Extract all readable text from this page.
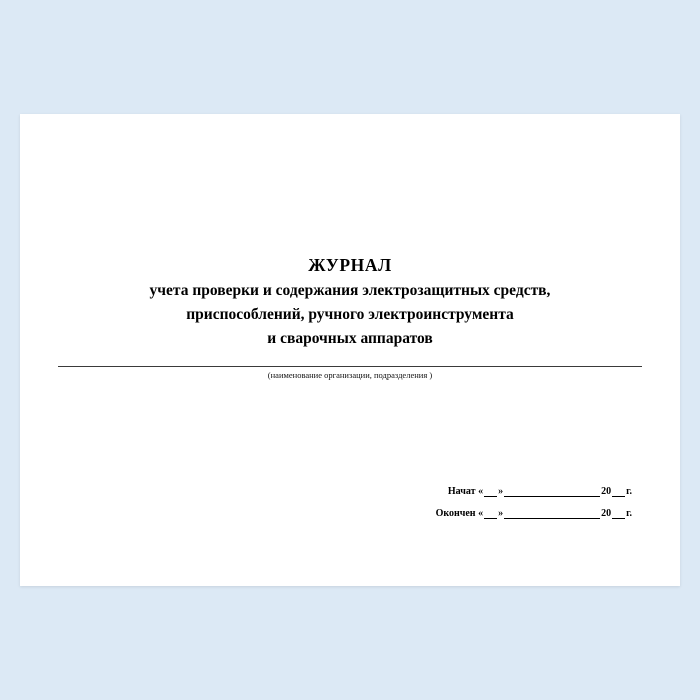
ЖУРНАЛ
учета проверки и содержания электрозащитных средств,
приспособлений, ручного электроинструмента
и сварочных аппаратов
(наименование организации, подразделения )
Начат « »	20 г.
Окончен « »	20 г.
